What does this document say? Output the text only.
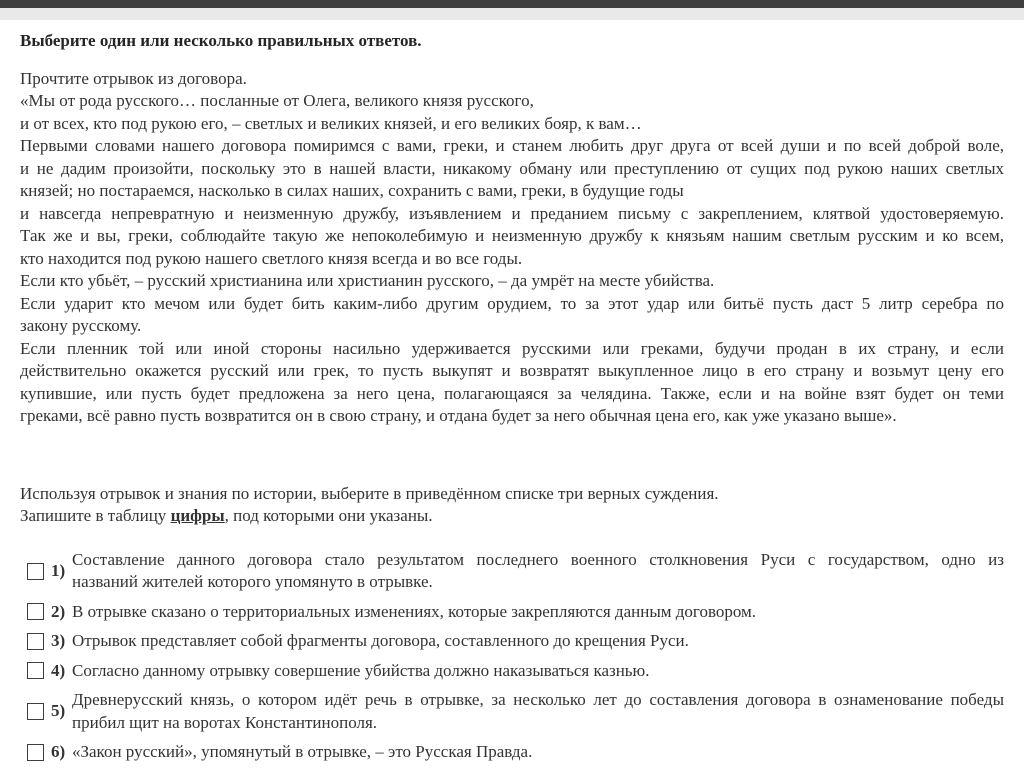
Выберите один или несколько правильных ответов.
Прочтите отрывок из договора.
«Мы от рода русского… посланные от Олега, великого князя русского,
и от всех, кто под рукою его, – светлых и великих князей, и его великих бояр, к вам…
Первыми словами нашего договора помиримся с вами, греки, и станем любить друг друга от всей души и по всей доброй воле,
и не дадим произойти, поскольку это в нашей власти, никакому обману или преступлению от сущих под рукою наших светлых
князей; но постараемся, насколько в силах наших, сохранить с вами, греки, в будущие годы
и навсегда непревратную и неизменную дружбу, изъявлением и преданием письму с закреплением, клятвой удостоверяемую.
Так же и вы, греки, соблюдайте такую же непоколебимую и неизменную дружбу к князьям нашим светлым русским и ко всем,
кто находится под рукою нашего светлого князя всегда и во все годы.
Если кто убьёт, – русский христианина или христианин русского, – да умрёт на месте убийства.
Если ударит кто мечом или будет бить каким-либо другим орудием, то за этот удар или битьё пусть даст 5 литр серебра по
закону русскому.
Если пленник той или иной стороны насильно удерживается русскими или греками, будучи продан в их страну, и если
действительно окажется русский или грек, то пусть выкупят и возвратят выкупленное лицо в его страну и возьмут цену его
купившие, или пусть будет предложена за него цена, полагающаяся за челядина. Также, если и на войне взят будет он теми
греками, всё равно пусть возвратится он в свою страну, и отдана будет за него обычная цена его, как уже указано выше».
Используя отрывок и знания по истории, выберите в приведённом списке три верных суждения.
Запишите в таблицу цифры, под которыми они указаны.
1)
Составление данного договора стало результатом последнего военного столкновения Руси с государством, одно из
названий жителей которого упомянуто в отрывке.
2) В отрывке сказано о территориальных изменениях, которые закрепляются данным договором.
3) Отрывок представляет собой фрагменты договора, составленного до крещения Руси.
4) Согласно данному отрывку совершение убийства должно наказываться казнью.
5)
Древнерусский князь, о котором идёт речь в отрывке, за несколько лет до составления договора в ознаменование победы
прибил щит на воротах Константинополя.
6) «Закон русский», упомянутый в отрывке, – это Русская Правда.
